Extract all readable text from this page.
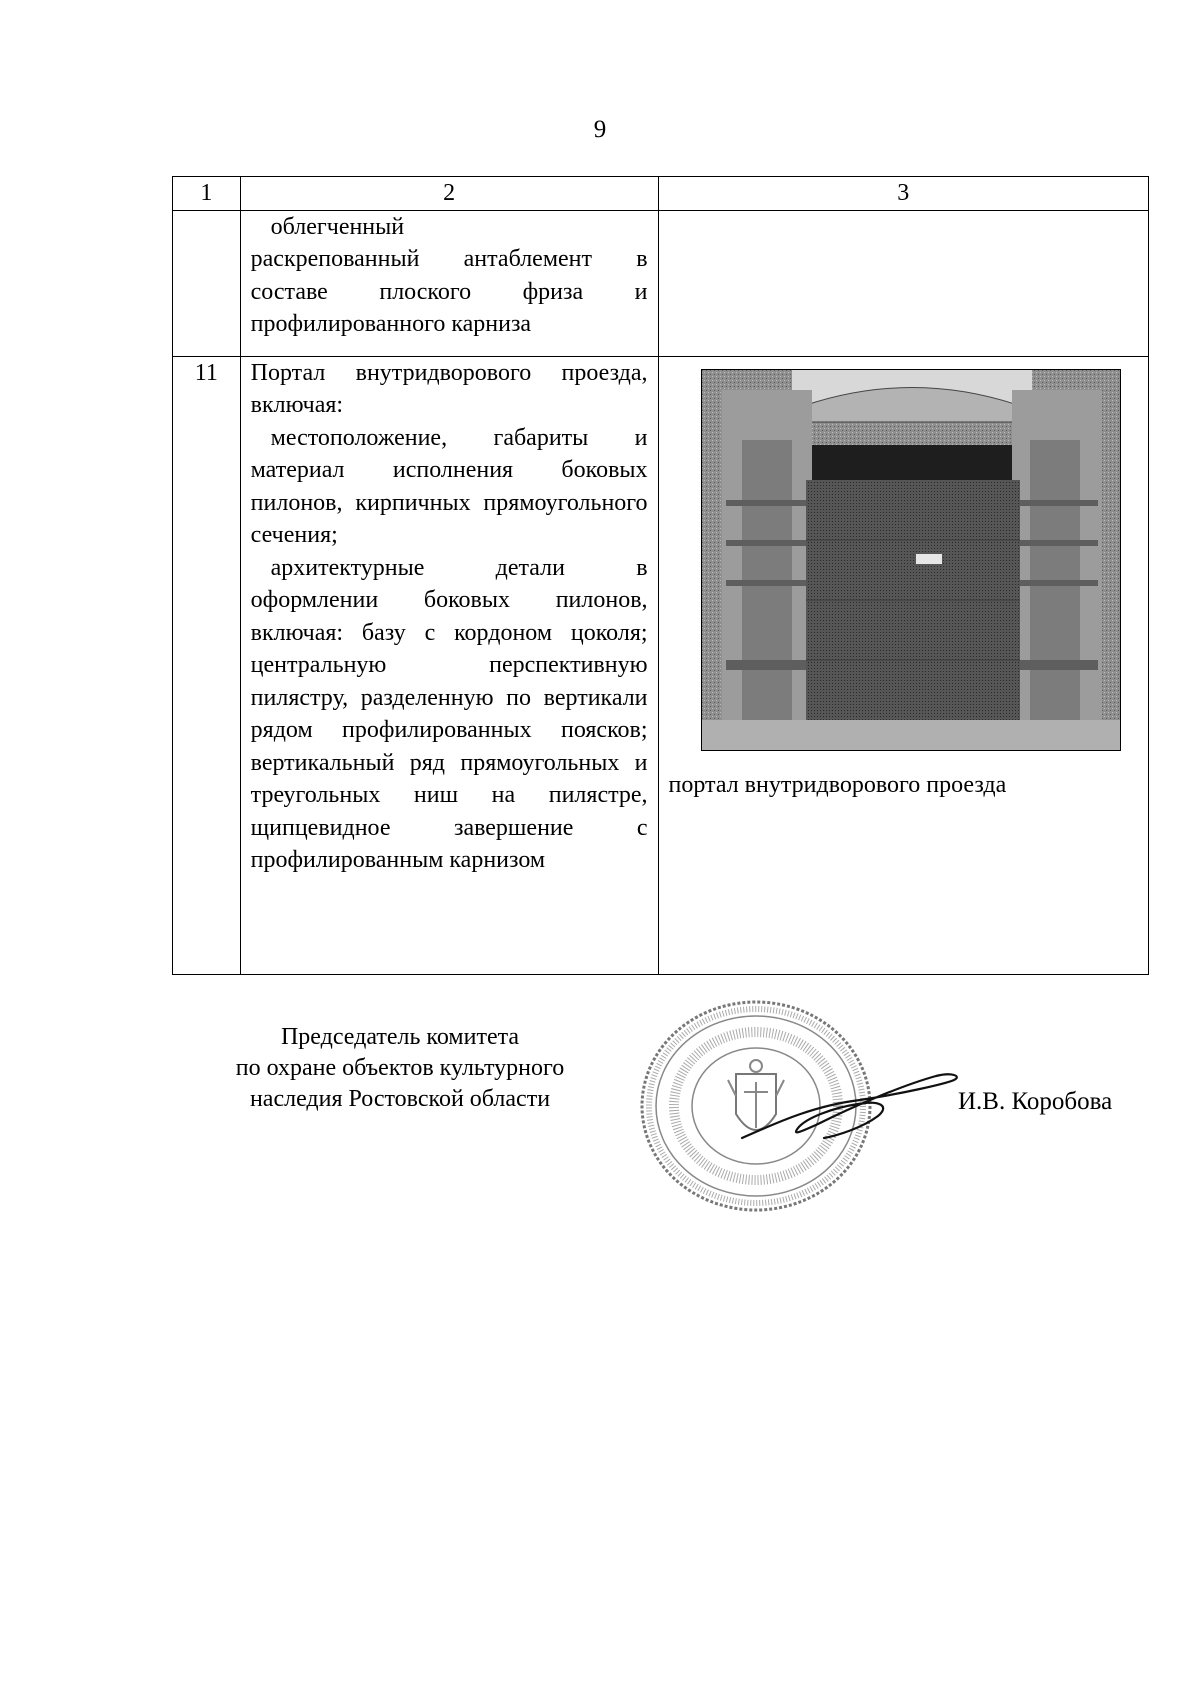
9
1	2	3

	облегченный

раскрепованный антаблемент в составе плоского фриза и профилированного карниза	

11	Портал внутридворового проезда, включая:

местоположение, габариты и материал исполнения боковых пилонов, кирпичных прямоугольного сечения;

архитектурные детали в оформлении боковых пилонов, включая: базу с кордоном цоколя; центральную перспективную пилястру, разделенную по вертикали рядом профилированных поясков; вертикальный ряд прямоугольных и треугольных ниш на пилястре, щипцевидное завершение с профилированным карнизом	портал внутридворового проезда
Председатель комитета
по охране объектов культурного
наследия Ростовской области	И.В. Коробова
